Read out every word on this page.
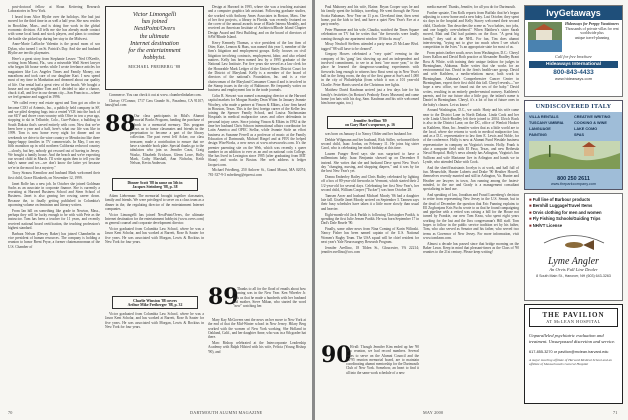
post-doctoral fellow at Sloan Kettering Research Laboratories in New York.

I heard from Alice Blythe over the holidays. She had just moved for the third time in as well a half year. She now resides in Brookline, Mass., and is doing fine work in the global economic division. All tells me she has already made contact with some local bank and stock players, and plans to continue the battle she picked up during her stay in the Midwest.

Anne-Marie LaRoche Valentin is the proud mom of son Dylan, who turned 1 on St. Patrick's Day. And she and husband Blythe are terrific playmates.

Here's a great story from Stephanie Lesser: "Ned O'Keeffe, writing from Miami, Fla., saw a miserable Wall Street lawyer who began lift bouse weeks while I wrote freelance articles for magazines like Los Angeles Times and Family Money, ran marathons and took care of our daughter Kari. I now spend most of my time in Manhattan and dreamed about our quality of life. Our rental had a great view of the beach. We bought a house and our neighbor Tom and I decided to take a chance, chuck it all, and live in our dream city—San Francisco—where we feel genuine and rugged in 1996.

"We called every real estate agent and Tom got an offer to become COO of Artemis, Inc., a publicly held company in SF, and we piled sleeping bags into a rented VCR into the back of our SUV and drove cross-country with Olive in tow a year ago, stopping to ski in Telluride, Colo., Cure-Palace, a building in South Dakota that's carved entirely with corn. Now that we've been here a year and a half, here's what our life was like in 1999. Tom is now home every night for dinner and on weekends we drive to the wine country or Mendocino like three happy-happy families in TV commercials. In May, I ran my fifth marathon up in wild northern California redwood country—slowly, but hey, nobody got rescued out of having in Jersey. We bought a family house. And the beach and we're expecting our second child in March. I'll write again then to tell you the baby's name and we—we don't know the latter yet because we're in the mood for a mystery."

Tracy Strauss Kennilow and husband Mark welcomed their first child, Grace Elizabeth, on November 12, 1999.

Janet Rolfe has a new job. In October she joined Goldman Sachs as an associate in corporate finance. She is currently a recruiting at Harvard Business School and Stern School of Business. Janet is also gearing her rowing career down. Because the, to finally getting published in Columbia's upcoming volume on feminism and literary writers.

From Ian hill on something like grade in Newton, Mass., perhaps they will be lucky enough to be with with Pete as the instructor. Tom has been a teacher for 11 years, and recently received national board certification, the teaching profession's highest standard.

Barbara Nelson (Dewey Baker) has joined Chamberlin as vice president of human resources. The company is holding a reunion to honor Brent Pryor, a former chairmanwoman of the U.S. Chamber of

Victor Limongelli
has joined
NextPoint/Overs
the ultimate
Internet destination
for the entertainment
hobbyist.
MICHAEL FREIBERG '88

Commerce. You can check it out at www. chamberlinbaker.com.

Chrissy O'Connor, 1717 Cass Grande St., Pasadena, CA 91107; haus@aol.com

88

Our class participants in Bilal's Alumni Memorial Books Program, funding the purchase of a book in a memorial memory. This program allows us to honor classmates and friends in the perpetuation to become a part of the library collection. The past event Jeff Acker, our class treasurer, made a contribution to ensure that we have a sizeable book plate. Special thanks go to the tabulators who join us Jennifer Cassi, Craig Wasko, Elizabeth Erickson, Glenn Lowe, Holly Mark, Cathy Marshall, Ann Nicholas, Keith Nelson, Kevin Anderson.

Dinner Scott '88 in some on 5th in
Jacques Steinberg '88, p. 38

Adam Lieberman: The memorial brought together classmates, family and friends. We were privileged to serve on a class team as a dinner in the, the regulating director of the entertainment Internet companies.

Victor Limongelli has joined NextPoint/Overs, the ultimate Internet destination for the entertainment hobbyist (www.overs.com) as general counsel and corporate development director.

Victor graduated from Columbia Law School, where he was a Jason Kent Scholar, and has worked at Barrett, Rose & Sauter for five years. He was associated with Morgan, Lewis & Bockius in New York for four years.

Charlie Winston '88 covers
Arthur Mike Freiberger '88, p. 32

Victor graduated from Columbia Law School, where he was a Jason Kent Scholar, and has worked at Barrett, Rose & Sauter for five years. He was associated with Morgan, Lewis & Bockius in New York for four years.

Design at Harvard in 1995, where she was a teaching assistant and a computer graphics lab assistant. Following graduate studies, she worked with Anthony Ames Associates in Boston, Mass. One of her first projects, a library in Florida, was recently featured on the cover of the annual awards issue of Blade Interna Monthly, and received an American Institute of Architects/Rhode Island Chapter Design Award and Best Building, and on the board of directors of SAW/Rhode Island.

Kerry Kennedy Thomas, a vice president of the law firm of Otter, Kate, Lennon & Haas, was named this year 1, member of the firm's litigation and employment groups. Kelly focuses on civil litigation involving contracts, employment, labor, and also related matters. Kelly has been named law by a 1995 graduate of the National Law Institute. For five years she served as a law clerk for the Honorable Mark Ledger of the United States District Court for the District of Maryland. Kelly is a member of the board of directors of the national's Foundation, Inc. and is a vice chairwoman of the Maryland Consumer Council and is involved in the Stamp issues in the city of Baltimore. He frequently writes on business and employment law in the trade journals.

Colin R. Stewart was named a managing director at the Harvard capital markets for Morgan Stanley Dean Witter. In January Jeannie Woolery, who made a partner at Vinson & Elkins, a law firm based in Houston, Texas. This is the first foreign career of the Keller law joining the Spencer Family School, and Louisa Nachmanian Hospitals in medical malpractice cases and other defendants in personal injury cases. Since joining Vinson & Elkins in 1992 at the time her husband Chris Schoon international affairs coordinator for Latin America and OPEC Stellar, while Jeannie Stole an effort business as Suzanne Ferrell as a professor of music at the Family Education of Dartmouth, Michael Ringel and at FEN the helped design WiseWorks, a new news at www.wisewworks.com. It's the premier parenting site on the Web, which was recently s queer number in an addition to ever as an and on national coin College. She has lived in Lexington since 1985 (after graduating from MIT Sloan) and works in Boston. Her web address is ledger Jacquet.com.

Michael Friedberg, 250 Anlover St., Grand Mount, MA 02074; 781-337-9-3 mfreiberg@rtpressi.com

89

Thanks to all for the flood of emails about how Winning was in the New Year. Ken Wheeler Jr. tells us that he made a hundreds with her husband and mother, Steve Mikan, who started the word "new" watching her.

Mary Kay McGovern sent the news on her move to New York at the end of that the Mid-Winter school in New Jersey. Hilary Berg worked with the women of New York working. She Holland in Oakland, Calif., and her daughter Anne, who was in a 8th grader hat there.

Marc Bishop celebrated at the Intercorporate Leadership Academy with Ralph Hilsted with his wife, Felicia (Young Bishop '90), and

70	DARTMOUTH ALUMNI MAGAZINE

Paul Mahoney and his wife, Elaine. Bryan Cooper says he and his family spent the holidays, traveling. He went through the Nova Scotia Bahamas. New Year on 11 p.m. Cleveland time, then went home, put the kids to bed, and have a quiet New Year's Eve at a party nearby.

Peter Plummer and his wife, Claudia, watched the Times Square celebration on TV but he writes that "the fireworks were loudly coming through our apartment window 10 blocks away".

Missy Neuhoff Steffens attended a party near 25 McLane Blvd. tagged "88 will have to be cleaned".

Gregory Howes celebrated a "very quiet" evening in the company of his 'gang' last showing up and an independent and involved commitment, to see in at least "one more year," to the place he learned the dangerous-sounding experiments with fireworks long enough to witness how Knut went up in New Year's ball in the living room, the day of the first game at Sue's and 1,000 in the city of Philadelphia (from which it was a 101 year-old Charlie. Peter Harris saved at the Christmas tree lights.

Matthew David Kaufman arrived just a few days late for his family's festivities (in Boston's Peabody Essex Museum) and came home (on hats with his dog, Sam. Kaufman and his wife welcomed him home again, too.)

Jennifer Avellino '89
on Gary Hart's sequence, p. 16

was born on January 4 to Nancy Oldier and her husband Joe.

Debbie Wilgmann and her husband, Rick Stiller, welcomed their second child, Isaac Jordan, on February 11. He joins big sister Carol, who is celebrating her ninth birthday at this time.

Lauren Funger Reed says she was surprised to have a millennium baby. Isaac Benjamin showed up on December 8 instead. She writes that she and husband Dave spent New Year's day "changing, nursing, and shopping diapers," and it was by far the best New Year's yet.

Donna Emberley Bailey and Chris Bailey celebrated by lighting off a box of 80-year-old fireworks in Vermont, which started their 2 1/2-year-old for several days. Celebrating her first New Year's, her second child, William Cooper ("Tucker") was born October 28.

Tamsen Arcer and husband Michael Moody '86 had a daughter late fall. Giselle Janet Moody arrived on September 3. Tamsen says their busy schedules have taken it a little more slowly than usual and heavier.

Eight-month-old Jack Parikh is following Christopher Parikh, is spending the first Julie Jensen Parikh. He was born September 17 in Dad's Dale Bruele '90.

Finally, some other news from Nina Coming of Karin Wilinski. Nancy Fisher has been named captain of the U.S. National Women's Rugby Team. The USA squad will be chief resident for next year's Yale Neurosurgery Research Program.

Jennifer Avellino, 18 Tilden St., Gloucester, VA 22214; jennifer.avellino@cox.com

90

Hi-all: Though Jennifer Kim ended up her '90 new reunion, we had record numbers. Several times to serve on the Alumni Council and the 10/'95 reunion memorial board, are to maintain coordinating alumni mentorship for the Dartmouth Club of New York. Somehow, an heart to find it all into the same work schedule of a new

media maven! Thanks, Jennifer, for all you do for Dartmouth.

Further upstate, Tim Kolk reports from Buffalo that he's begun adjusting to a new home and a new baby. Last October, they spent six days in the hospital and Kelly Stacey welcomed their second child, Charlotte. Tim describes the scene as "two babies, two jobs, and one happily overwhelmed." When Matthew's sister Sarah moved, Matt and Daf had patients on the floor. "A great big family," they said at the NHL. For fun, Tim does alumni interviewing, "trying not to give too much when I see what's competition in the Ivies." Is an appropriate state for most of us.

From points farther south, news from Washington, D.C.: Cheryl Jones Kallon and David Roth practice at Alexander Bradley Brant Ross & White, with training their unique fashion for judges in Birmingham, Alabama. Ruler writes that she works for an environmental fun. David in the firm's health-care group. David and wife Kathleen, a media-relations nurse, both work in Birmingham. Alabama's Comprehensive Cancer Center in Birmingham, expect their first child this fall. Cheryl reveals—"we hope a new office, we found out the sex of the baby." David writes, resulting in an entirely gender-neutral nursery. Kathleen's parents, and for our future also a little guy, the infant's name is Daniel in Birmingham. Cheryl, it's a lot of fun of future ones in the baby's classes. Let us know!

Around Washington, D.C., we catch: Harty and his wife came near to the District Lane in North Dakota. Linda Cook and her wife Linda Ulrich-Bradley left their joined to 2004. Ulrich Rook is also in the District Lane, on the DC, office of Wenlott Hooker as Kathleen, Shea, Inc. Jennifer writes that as a little world are to the local, where she returns to work in medical malpractice law, and as a D.C. representative to law firm E. Lewis and Nolde, for of the conference. Holly is now at Alumni Fund Wesdale business representative in company on Virginia's terrain. Holly. Frank is also a computer field with El Paso, Texas, and new Bethesda Naval Hospital. Holly's news already has Arlington, Virginia's Jim Sullivan and wife Marianne live in Arlington and hands we in Lynde, who attended Duke with Cook.

And the sheriff/assistants Jocelyn is at work, and hall full of fun. Meanwhile, Hunter Luberts and Drake '90 Heather Howell, themselves recently married and still in Arlington, Va. Hunter and Heather are lawyers in town, Jun running among the fastest-minded, to the use and Grady is a management consultant specializing in land use.

And speaking of law, Jonathan and Fraud Lunenberg's decision to retire from representing New Jersey in the U.S. Senate, but in the dead of December the question that Eric Fanning explains to Ell Zogbonjans Kris Fuchs wrote to us that he found campaigning and pipeline with a vetted was raising a bill for the House not turned by Frankie, our new Tom Keau, who spent eight years working for the last and the Jinx congressman's Hill staff. Tom hopes to follow in the public service tradition set by his father, Tom, who also served as Senator and his father, who served two terms as Governor of New Jersey. For more information, visit www.tomkean.com.

Almost a decade has passed since that bridge morning on the Baker Lawn. Keep in mind that pleasant-times as the Class of '90 reunites to the 21st century. Please keep writing!

IvyGetaways
Hideaways for Preppy Vacationers
Thousands of private villas for rent worldwide plus
unique travel-planning
Call for free brochure
Hideaways International
800-843-4433
www.hideaways.com
UNDISCOVERED ITALY
VILLA RENTALS	CREATIVE WRITING
TUSCANY UMBRIA	COOKING & WINE
LANGUAGE	LAKE COMO
PAINTING	SPAS
800 250 2611
www.theparkcompany.com
■ Full line of Barbour products
■ Bernhill Luggage/Travel Items
■ Orvis clothing for men and women
■ Fly Fishing Schools/Guiding Trips
■ NH/VT License
Lyme Angler
An Orvis Full Line Dealer
8 South Main St., Hanover, NH (603) 643-3263
THE PAVILION
AT McLEAN HOSPITAL
Unparalleled psychiatric evaluation and treatment. Unsurpassed discretion and service.
617-855-3270 or pavilion@mclean.harvard.edu
A major teaching affiliate of Harvard Medical School and an affiliate of Massachusetts General Hospital
MAY 2000	71
